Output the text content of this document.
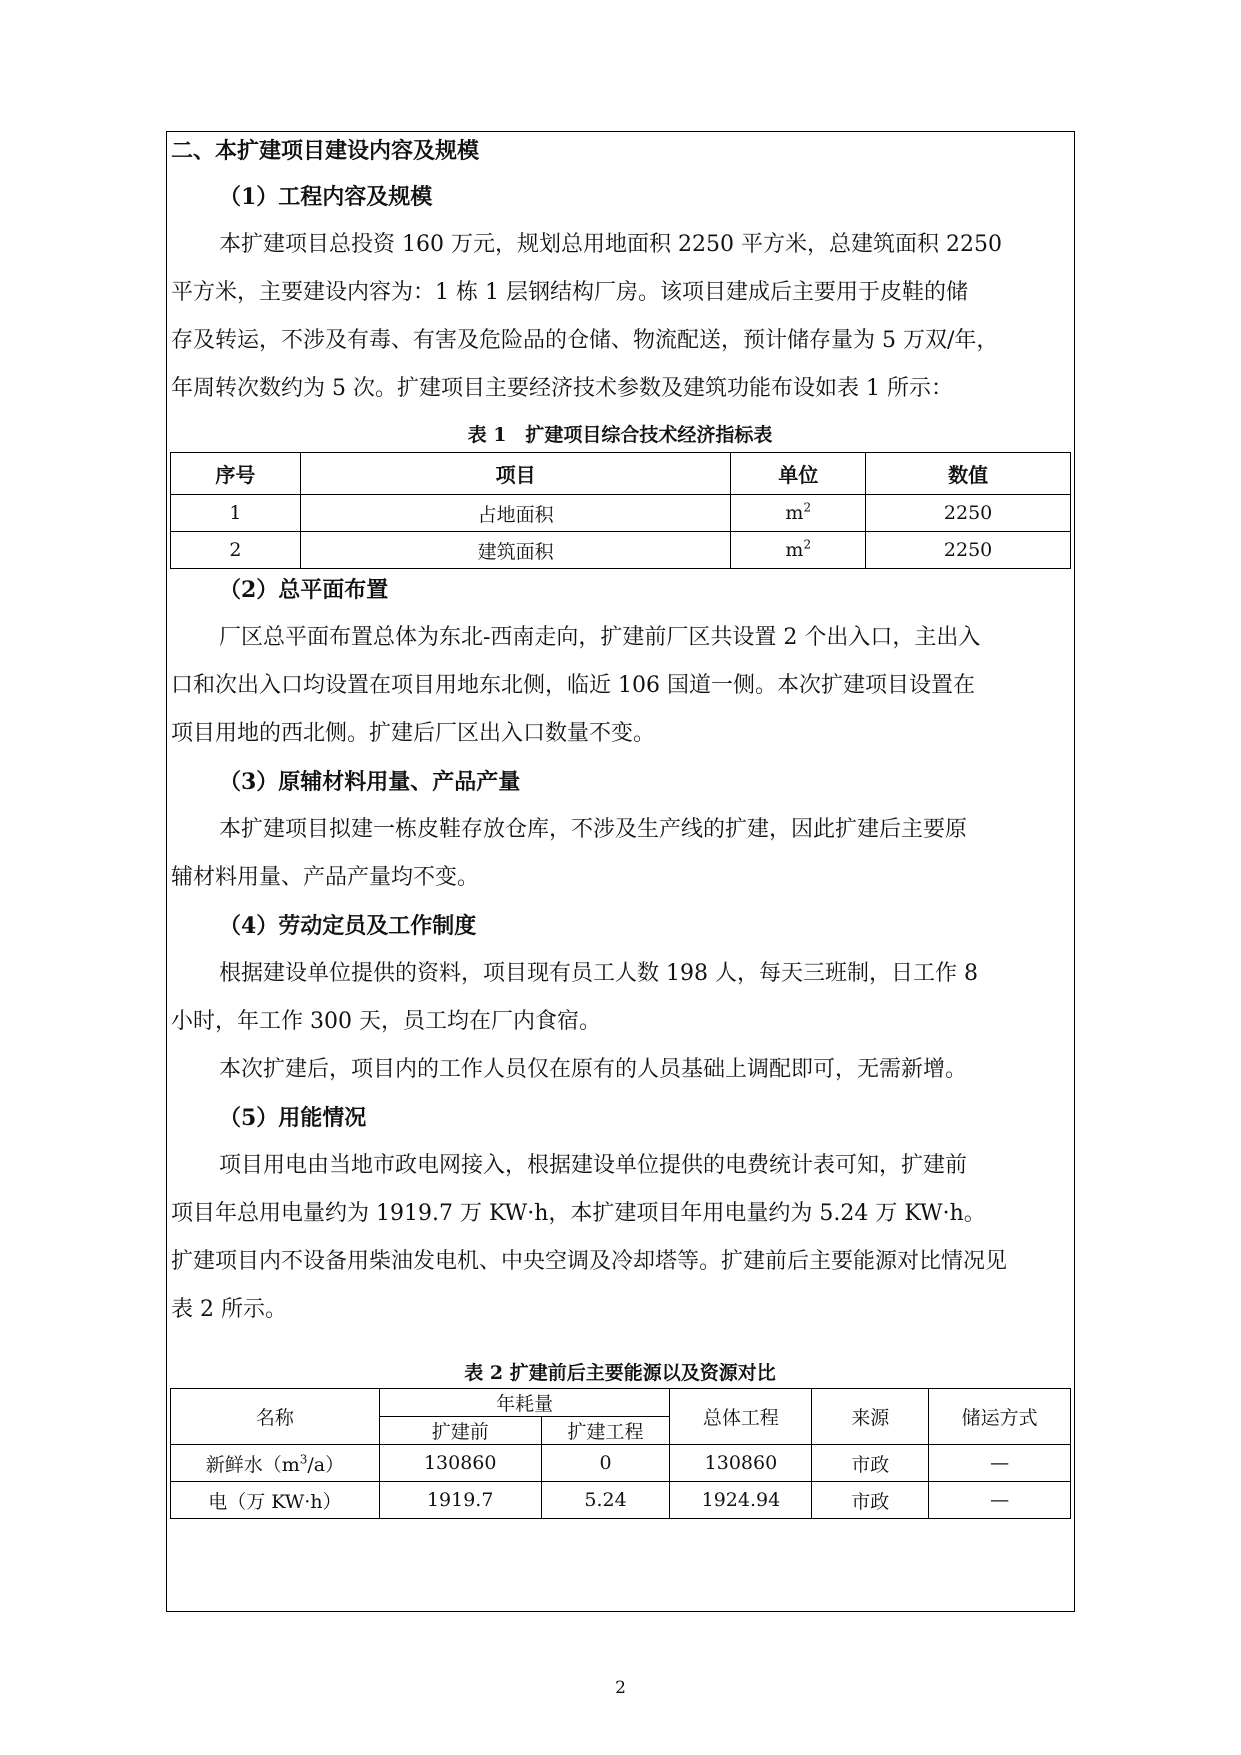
二、本扩建项目建设内容及规模
（1）工程内容及规模
本扩建项目总投资 160 万元，规划总用地面积 2250 平方米，总建筑面积 2250
平方米，主要建设内容为：1 栋 1 层钢结构厂房。该项目建成后主要用于皮鞋的储
存及转运，不涉及有毒、有害及危险品的仓储、物流配送，预计储存量为 5 万双/年，
年周转次数约为 5 次。扩建项目主要经济技术参数及建筑功能布设如表 1 所示：
表 1　扩建项目综合技术经济指标表
序号	项目	单位	数值
1	占地面积	$m^2$	2250
2	建筑面积	$m^2$	2250
（2）总平面布置
厂区总平面布置总体为东北-西南走向，扩建前厂区共设置 2 个出入口，主出入
口和次出入口均设置在项目用地东北侧，临近 106 国道一侧。本次扩建项目设置在
项目用地的西北侧。扩建后厂区出入口数量不变。
（3）原辅材料用量、产品产量
本扩建项目拟建一栋皮鞋存放仓库，不涉及生产线的扩建，因此扩建后主要原
辅材料用量、产品产量均不变。
（4）劳动定员及工作制度
根据建设单位提供的资料，项目现有员工人数 198 人，每天三班制，日工作 8
小时，年工作 300 天，员工均在厂内食宿。
本次扩建后，项目内的工作人员仅在原有的人员基础上调配即可，无需新增。
（5）用能情况
项目用电由当地市政电网接入，根据建设单位提供的电费统计表可知，扩建前
项目年总用电量约为 1919.7 万 KW·h，本扩建项目年用电量约为 5.24 万 KW·h。
扩建项目内不设备用柴油发电机、中央空调及冷却塔等。扩建前后主要能源对比情况见
表 2 所示。
表 2 扩建前后主要能源以及资源对比
名称	年耗量		总体工程	来源	储运方式
	扩建前	扩建工程			
新鲜水$(m^3/a)$	130860	0	130860	市政	—
电（万 KW·h）	1919.7	5.24	1924.94	市政	—
2
